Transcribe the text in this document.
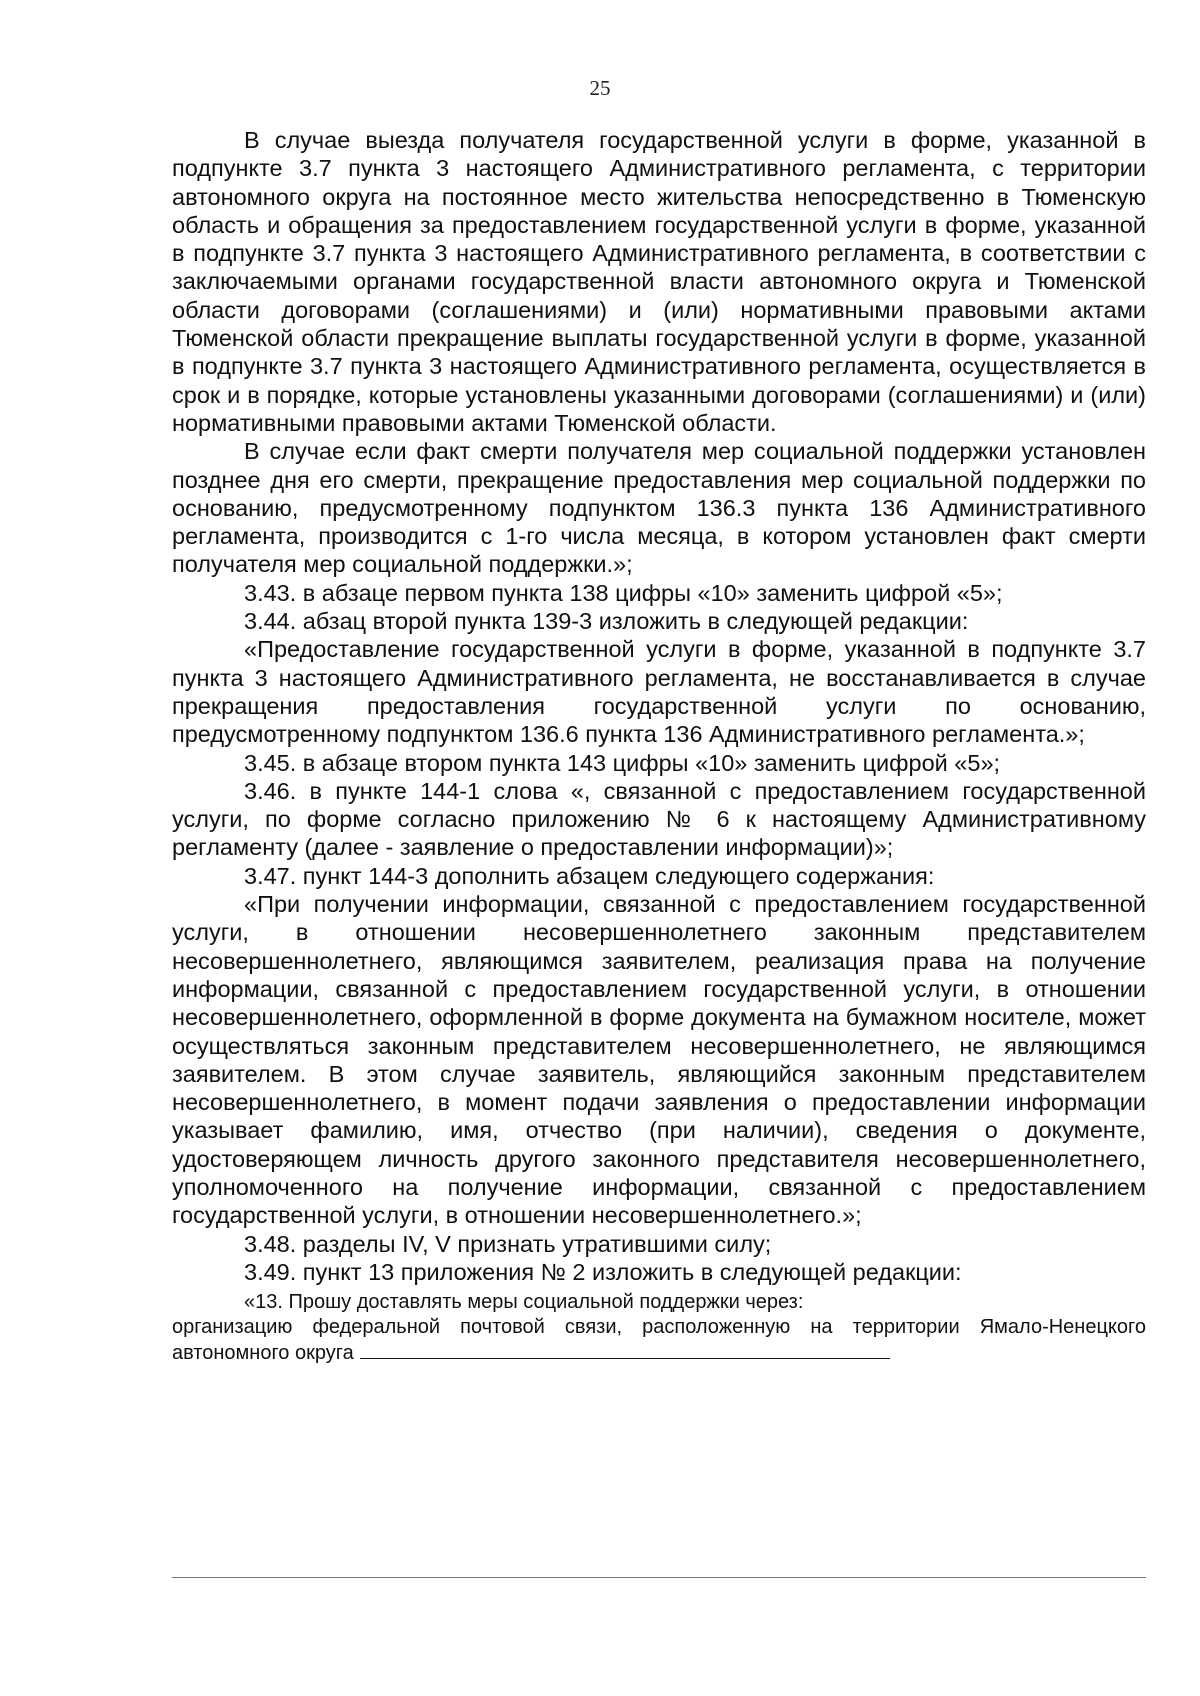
25

В случае выезда получателя государственной услуги в форме, указанной в подпункте 3.7 пункта 3 настоящего Административного регламента, с территории автономного округа на постоянное место жительства непосредственно в Тюменскую область и обращения за предоставлением государственной услуги в форме, указанной в подпункте 3.7 пункта 3 настоящего Административного регламента, в соответствии с заключаемыми органами государственной власти автономного округа и Тюменской области договорами (соглашениями) и (или) нормативными правовыми актами Тюменской области прекращение выплаты государственной услуги в форме, указанной в подпункте 3.7 пункта 3 настоящего Административного регламента, осуществляется в срок и в порядке, которые установлены указанными договорами (соглашениями) и (или) нормативными правовыми актами Тюменской области.

В случае если факт смерти получателя мер социальной поддержки установлен позднее дня его смерти, прекращение предоставления мер социальной поддержки по основанию, предусмотренному подпунктом 136.3 пункта 136 Административного регламента, производится с 1-го числа месяца, в котором установлен факт смерти получателя мер социальной поддержки.»;

3.43. в абзаце первом пункта 138 цифры «10» заменить цифрой «5»;

3.44. абзац второй пункта 139-3 изложить в следующей редакции:

«Предоставление государственной услуги в форме, указанной в подпункте 3.7 пункта 3 настоящего Административного регламента, не восстанавливается в случае прекращения предоставления государственной услуги по основанию, предусмотренному подпунктом 136.6 пункта 136 Административного регламента.»;

3.45. в абзаце втором пункта 143 цифры «10» заменить цифрой «5»;

3.46. в пункте 144-1 слова «, связанной с предоставлением государственной услуги, по форме согласно приложению № 6 к настоящему Административному регламенту (далее - заявление о предоставлении информации)»;

3.47. пункт 144-3 дополнить абзацем следующего содержания:

«При получении информации, связанной с предоставлением государственной услуги, в отношении несовершеннолетнего законным представителем несовершеннолетнего, являющимся заявителем, реализация права на получение информации, связанной с предоставлением государственной услуги, в отношении несовершеннолетнего, оформленной в форме документа на бумажном носителе, может осуществляться законным представителем несовершеннолетнего, не являющимся заявителем. В этом случае заявитель, являющийся законным представителем несовершеннолетнего, в момент подачи заявления о предоставлении информации указывает фамилию, имя, отчество (при наличии), сведения о документе, удостоверяющем личность другого законного представителя несовершеннолетнего, уполномоченного на получение информации, связанной с предоставлением государственной услуги, в отношении несовершеннолетнего.»;

3.48. разделы IV, V признать утратившими силу;

3.49. пункт 13 приложения № 2 изложить в следующей редакции:

«13. Прошу доставлять меры социальной поддержки через:

организацию федеральной почтовой связи, расположенную на территории Ямало-Ненецкого автономного округа
